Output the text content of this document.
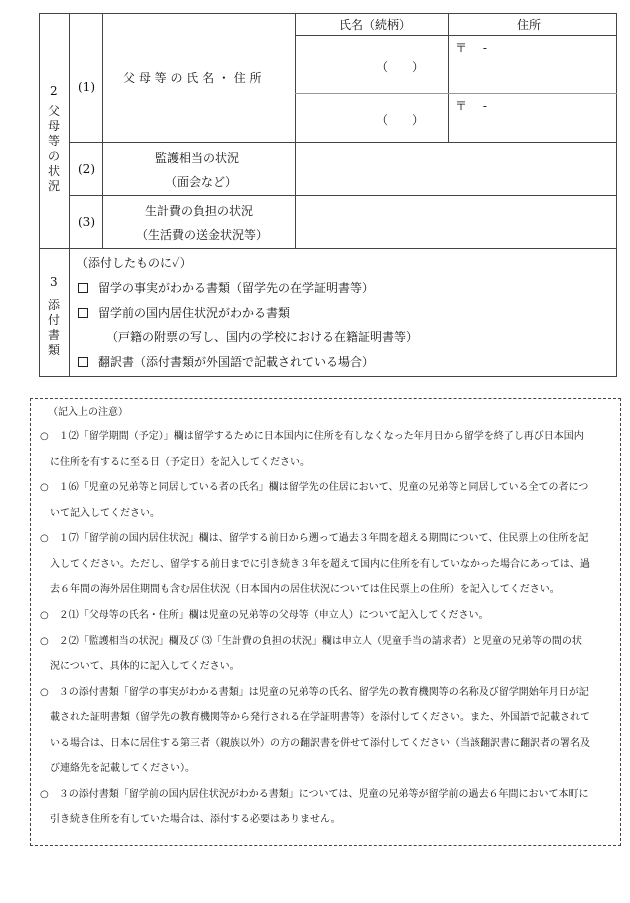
氏名（続柄）	住所
2
父母等の状況
(1)
父 母 等 の 氏 名 ・ 住 所
（　　）
〒　 -
（　　）
〒　 -
(2)
監護相当の状況
（面会など）
(3)
生計費の負担の状況
（生活費の送金状況等）
3
添付書類
（添付したものに✓）
留学の事実がわかる書類（留学先の在学証明書等）
留学前の国内居住状況がわかる書類
（戸籍の附票の写し、国内の学校における在籍証明書等）
翻訳書（添付書類が外国語で記載されている場合）
（記入上の注意）
○　１⑵「留学期間（予定）」欄は留学するために日本国内に住所を有しなくなった年月日から留学を終了し再び日本国内
　に住所を有するに至る日（予定日）を記入してください。
○　１⑹「児童の兄弟等と同居している者の氏名」欄は留学先の住居において、児童の兄弟等と同居している全ての者につ
　いて記入してください。
○　１⑺「留学前の国内居住状況」欄は、留学する前日から遡って過去３年間を超える期間について、住民票上の住所を記
　入してください。ただし、留学する前日までに引き続き３年を超えて国内に住所を有していなかった場合にあっては、過
　去６年間の海外居住期間も含む居住状況（日本国内の居住状況については住民票上の住所）を記入してください。
○　２⑴「父母等の氏名・住所」欄は児童の兄弟等の父母等（申立人）について記入してください。
○　２⑵「監護相当の状況」欄及び ⑶「生計費の負担の状況」欄は申立人（児童手当の請求者）と児童の兄弟等の間の状
　況について、具体的に記入してください。
○　３の添付書類「留学の事実がわかる書類」は児童の兄弟等の氏名、留学先の教育機関等の名称及び留学開始年月日が記
　載された証明書類（留学先の教育機関等から発行される在学証明書等）を添付してください。また、外国語で記載されて
　いる場合は、日本に居住する第三者（親族以外）の方の翻訳書を併せて添付してください（当該翻訳書に翻訳者の署名及
　び連絡先を記載してください）。
○　３の添付書類「留学前の国内居住状況がわかる書類」については、児童の兄弟等が留学前の過去６年間において本町に
　引き続き住所を有していた場合は、添付する必要はありません。
